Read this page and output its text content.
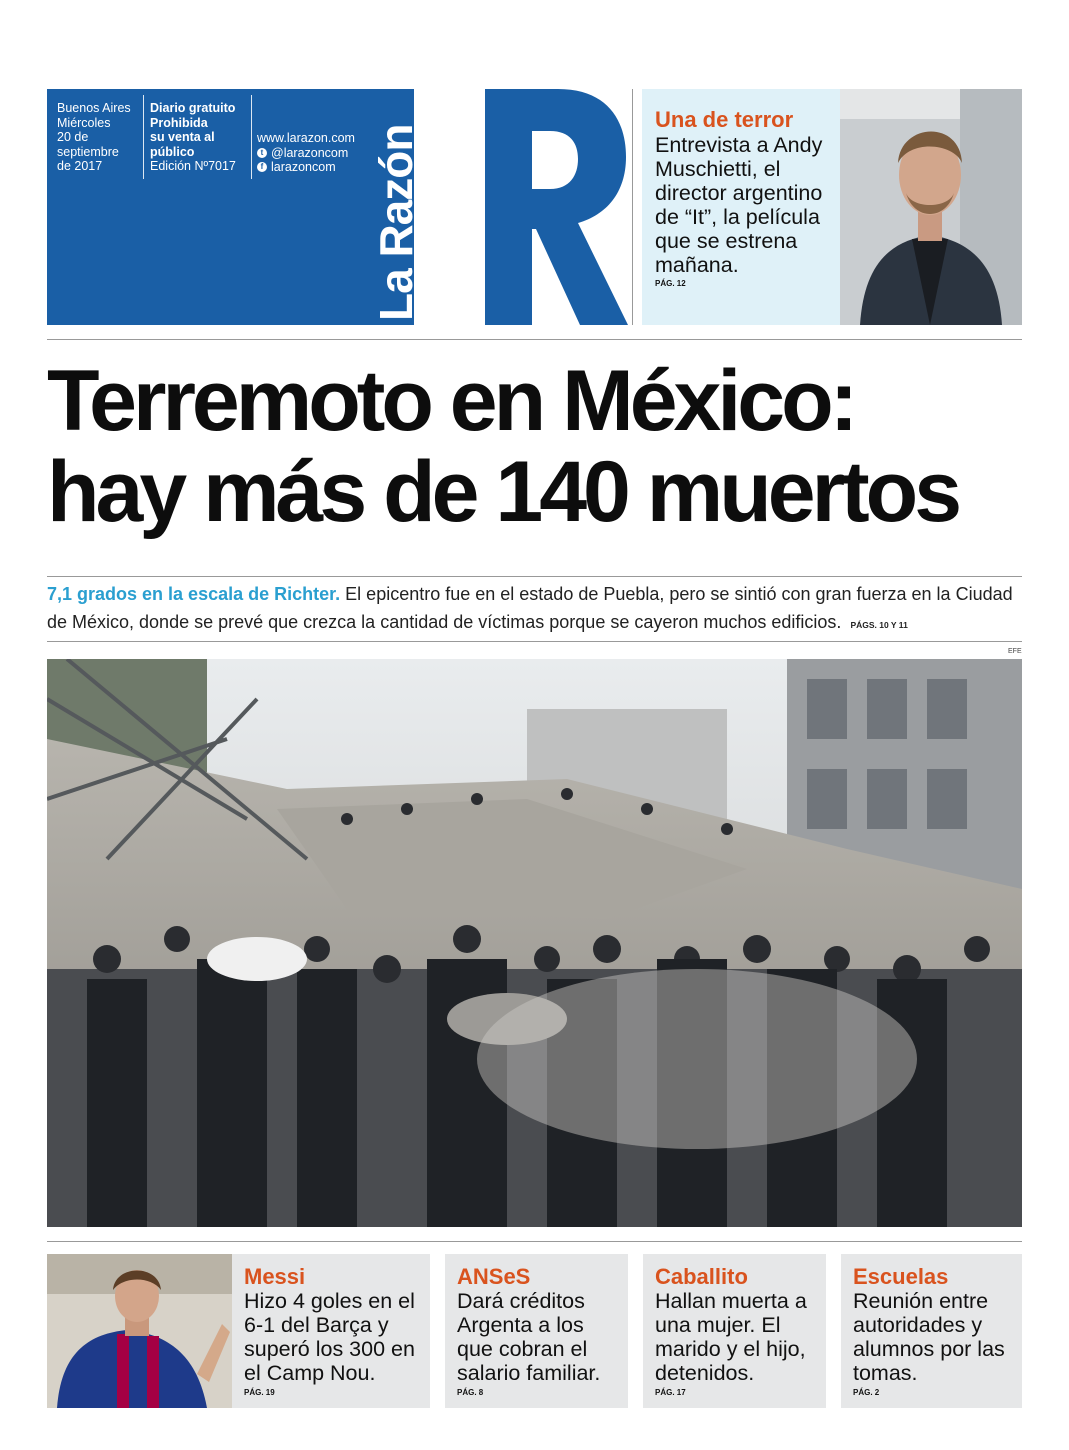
Buenos Aires
Miércoles
20 de
septiembre
de 2017
Diario gratuito
Prohibida
su venta al
público
Edición Nº7017
www.larazon.com
t @larazoncom
f larazoncom La Razón
Una de terror
Entrevista a Andy Muschietti, el director argentino de “It”, la película que se estrena mañana.
PÁG. 12
Terremoto en México:
hay más de 140 muertos
7,1 grados en la escala de Richter. El epicentro fue en el estado de Puebla, pero se sintió con gran fuerza en la Ciudad de México, donde se prevé que crezca la cantidad de víctimas porque se cayeron muchos edificios. PÁGS. 10 Y 11
EFE
Messi
Hizo 4 goles en el 6-1 del Barça y superó los 300 en el Camp Nou.
PÁG. 19
ANSeS
Dará créditos Argenta a los que cobran el salario familiar.
PÁG. 8
Caballito
Hallan muerta a una mujer. El marido y el hijo, detenidos.
PÁG. 17
Escuelas
Reunión entre autoridades y alumnos por las tomas.
PÁG. 2
